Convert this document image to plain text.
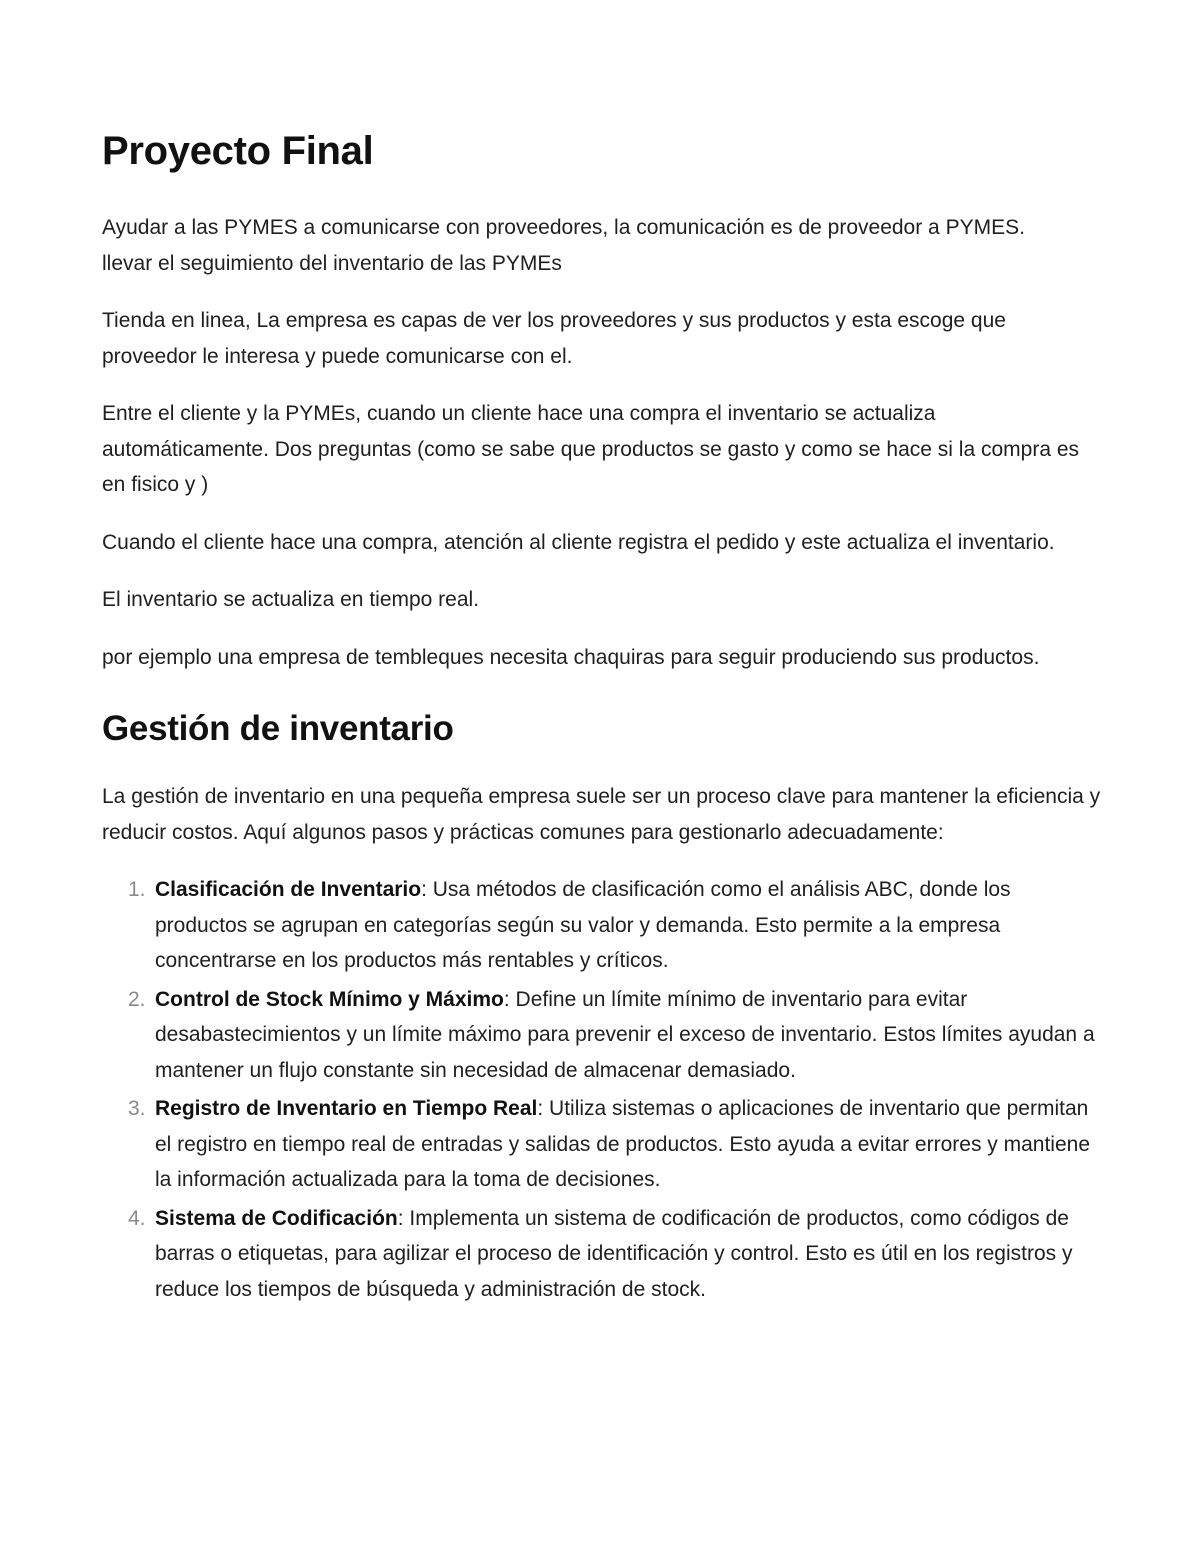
Proyecto Final

Ayudar a las PYMES a comunicarse con proveedores, la comunicación es de proveedor a PYMES.
llevar el seguimiento del inventario de las PYMEs

Tienda en linea, La empresa es capas de ver los proveedores y sus productos y esta escoge que proveedor le interesa y puede comunicarse con el.

Entre el cliente y la PYMEs, cuando un cliente hace una compra el inventario se actualiza automáticamente. Dos preguntas (como se sabe que productos se gasto y como se hace si la compra es en fisico y )

Cuando el cliente hace una compra, atención al cliente registra el pedido y este actualiza el inventario.

El inventario se actualiza en tiempo real.

por ejemplo una empresa de tembleques necesita chaquiras para seguir produciendo sus productos.

Gestión de inventario

La gestión de inventario en una pequeña empresa suele ser un proceso clave para mantener la eficiencia y reducir costos. Aquí algunos pasos y prácticas comunes para gestionarlo adecuadamente:

1. Clasificación de Inventario: Usa métodos de clasificación como el análisis ABC, donde los productos se agrupan en categorías según su valor y demanda. Esto permite a la empresa concentrarse en los productos más rentables y críticos.
2. Control de Stock Mínimo y Máximo: Define un límite mínimo de inventario para evitar desabastecimientos y un límite máximo para prevenir el exceso de inventario. Estos límites ayudan a mantener un flujo constante sin necesidad de almacenar demasiado.
3. Registro de Inventario en Tiempo Real: Utiliza sistemas o aplicaciones de inventario que permitan el registro en tiempo real de entradas y salidas de productos. Esto ayuda a evitar errores y mantiene la información actualizada para la toma de decisiones.
4. Sistema de Codificación: Implementa un sistema de codificación de productos, como códigos de barras o etiquetas, para agilizar el proceso de identificación y control. Esto es útil en los registros y reduce los tiempos de búsqueda y administración de stock.
